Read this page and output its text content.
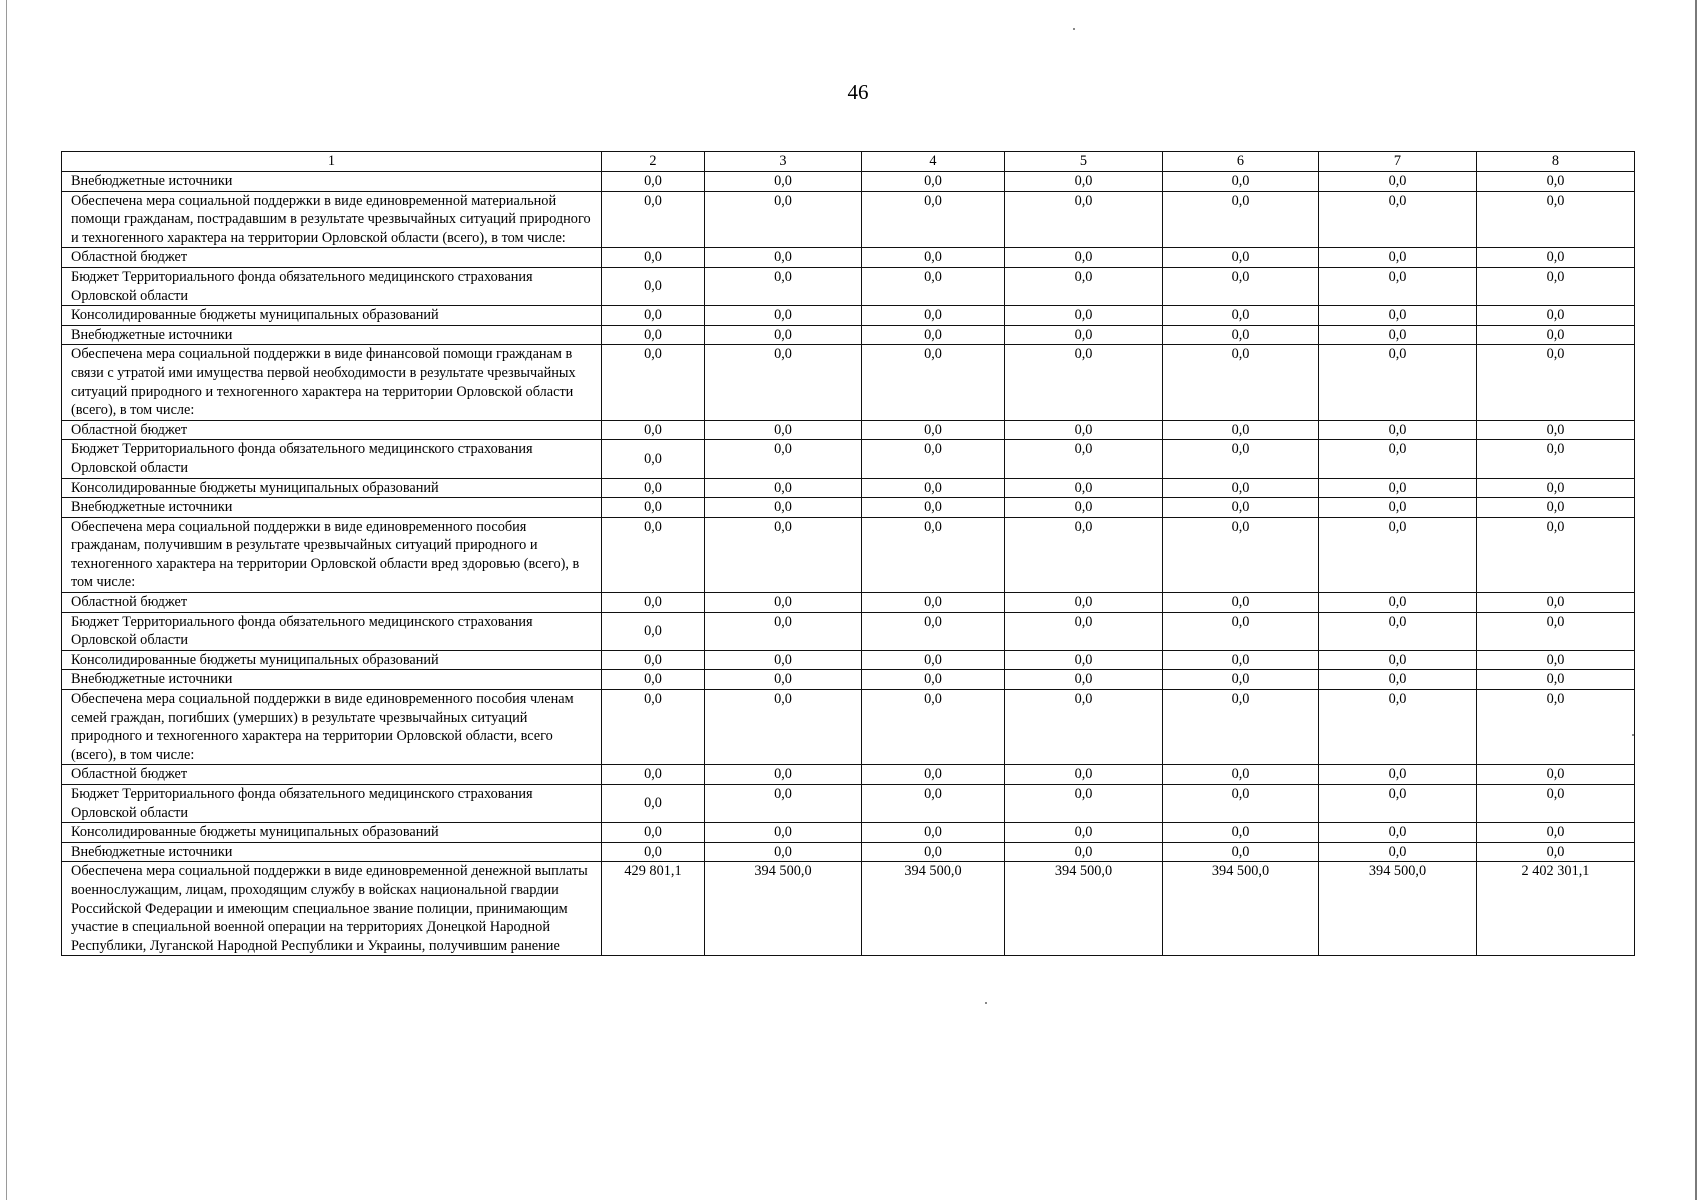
46
1	2	3	4	5	6	7	8
Внебюджетные источники	0,0	0,0	0,0	0,0	0,0	0,0	0,0
Обеспечена мера социальной поддержки в виде единовременной материальной помощи гражданам, пострадавшим в результате чрезвычайных ситуаций природного и техногенного характера на территории Орловской области (всего), в том числе:	0,0	0,0	0,0	0,0	0,0	0,0	0,0
Областной бюджет	0,0	0,0	0,0	0,0	0,0	0,0	0,0
Бюджет Территориального фонда обязательного медицинского страхования Орловской области	0,0	0,0	0,0	0,0	0,0	0,0	0,0
Консолидированные бюджеты муниципальных образований	0,0	0,0	0,0	0,0	0,0	0,0	0,0
Внебюджетные источники	0,0	0,0	0,0	0,0	0,0	0,0	0,0
Обеспечена мера социальной поддержки в виде финансовой помощи гражданам в связи с утратой ими имущества первой необходимости в результате чрезвычайных ситуаций природного и техногенного характера на территории Орловской области (всего), в том числе:	0,0	0,0	0,0	0,0	0,0	0,0	0,0
Областной бюджет	0,0	0,0	0,0	0,0	0,0	0,0	0,0
Бюджет Территориального фонда обязательного медицинского страхования Орловской области	0,0	0,0	0,0	0,0	0,0	0,0	0,0
Консолидированные бюджеты муниципальных образований	0,0	0,0	0,0	0,0	0,0	0,0	0,0
Внебюджетные источники	0,0	0,0	0,0	0,0	0,0	0,0	0,0
Обеспечена мера социальной поддержки в виде единовременного пособия гражданам, получившим в результате чрезвычайных ситуаций природного и техногенного характера на территории Орловской области вред здоровью (всего), в том числе:	0,0	0,0	0,0	0,0	0,0	0,0	0,0
Областной бюджет	0,0	0,0	0,0	0,0	0,0	0,0	0,0
Бюджет Территориального фонда обязательного медицинского страхования Орловской области	0,0	0,0	0,0	0,0	0,0	0,0	0,0
Консолидированные бюджеты муниципальных образований	0,0	0,0	0,0	0,0	0,0	0,0	0,0
Внебюджетные источники	0,0	0,0	0,0	0,0	0,0	0,0	0,0
Обеспечена мера социальной поддержки в виде единовременного пособия членам семей граждан, погибших (умерших) в результате чрезвычайных ситуаций природного и техногенного характера на территории Орловской области, всего (всего), в том числе:	0,0	0,0	0,0	0,0	0,0	0,0	0,0
Областной бюджет	0,0	0,0	0,0	0,0	0,0	0,0	0,0
Бюджет Территориального фонда обязательного медицинского страхования Орловской области	0,0	0,0	0,0	0,0	0,0	0,0	0,0
Консолидированные бюджеты муниципальных образований	0,0	0,0	0,0	0,0	0,0	0,0	0,0
Внебюджетные источники	0,0	0,0	0,0	0,0	0,0	0,0	0,0
Обеспечена мера социальной поддержки в виде единовременной денежной выплаты военнослужащим, лицам, проходящим службу в войсках национальной гвардии Российской Федерации и имеющим специальное звание полиции, принимающим участие в специальной военной операции на территориях Донецкой Народной Республики, Луганской Народной Республики и Украины, получившим ранение	429 801,1	394 500,0	394 500,0	394 500,0	394 500,0	394 500,0	2 402 301,1
